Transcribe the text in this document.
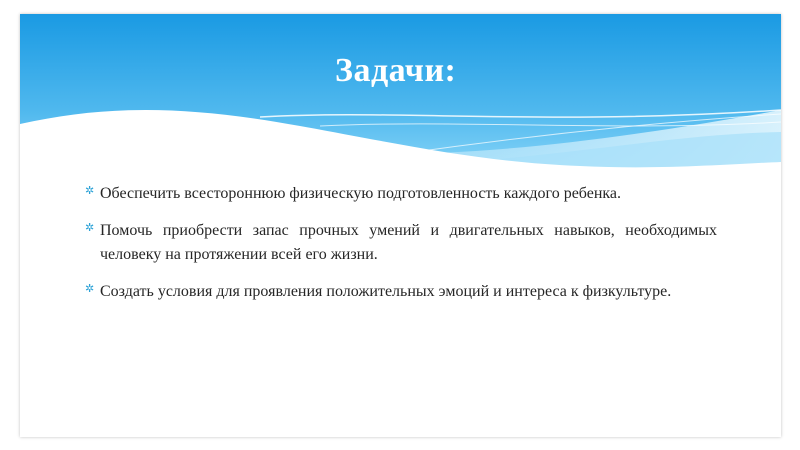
Задачи:
✲ Обеспечить всестороннюю физическую подготовленность каждого ребенка.
✲ Помочь приобрести запас прочных умений и двигательных навыков, необходимых человеку на протяжении всей его жизни.
✲ Создать условия для проявления положительных эмоций и интереса к физкультуре.
